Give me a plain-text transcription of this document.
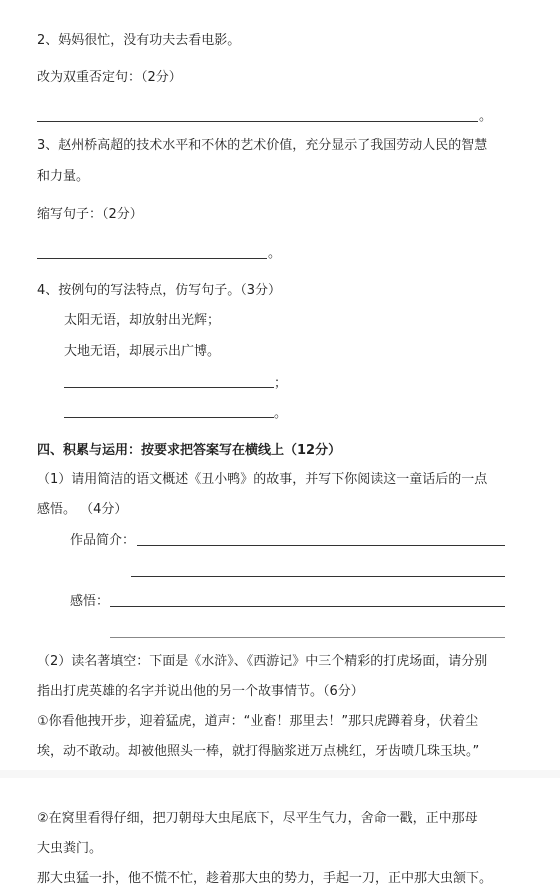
2、妈妈很忙，没有功夫去看电影。
改为双重否定句：（2分）
。
3、赵州桥高超的技术水平和不休的艺术价值，充分显示了我国劳动人民的智慧
和力量。
缩写句子：（2分）
。
4、按例句的写法特点，仿写句子。（3分）
太阳无语，却放射出光辉；
大地无语，却展示出广博。
；
。
四、积累与运用：按要求把答案写在横线上（12分）
（1）请用简洁的语文概述《丑小鸭》的故事，并写下你阅读这一童话后的一点
感悟。 （4分）
作品简介：
感悟：
（2）读名著填空：下面是《水浒》、《西游记》中三个精彩的打虎场面，请分别
指出打虎英雄的名字并说出他的另一个故事情节。（6分）
①你看他拽开步，迎着猛虎，道声：“业畜！那里去！”那只虎蹲着身，伏着尘
埃，动不敢动。却被他照头一棒，就打得脑浆迸万点桃红，牙齿喷几珠玉块。”
②在窝里看得仔细，把刀朝母大虫尾底下，尽平生气力，舍命一戳，正中那母
大虫粪门。
那大虫猛一扑，他不慌不忙，趁着那大虫的势力，手起一刀，正中那大虫颔下。
